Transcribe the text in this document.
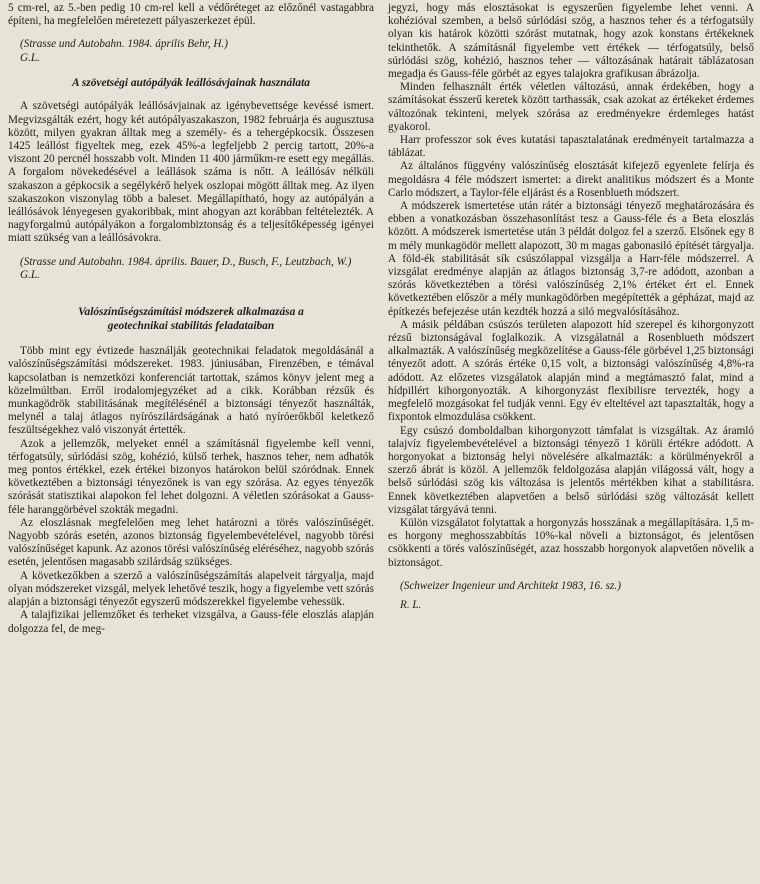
5 cm-rel, az 5.-ben pedig 10 cm-rel kell a védőréteget az előzőnél vastagabbra építeni, ha megfelelően méretezett pályaszerkezet épül.

(Strasse und Autobahn. 1984. április Behr, H.)

G.L.

A szövetségi autópályák leállósávjainak használata

A szövetségi autópályák leállósávjainak az igénybevettsége kevéssé ismert. Megvizsgálták ezért, hogy két autópályaszakaszon, 1982 februárja és augusztusa között, milyen gyakran álltak meg a személy- és a tehergépkocsik. Összesen 1425 leállóst figyeltek meg, ezek 45%-a legfeljebb 2 percig tartott, 20%-a viszont 20 percnél hosszabb volt. Minden 11 400 járműkm-re esett egy megállás. A forgalom növekedésével a leállások száma is nőtt. A leállósáv nélküli szakaszon a gépkocsik a segélykérő helyek oszlopai mögött álltak meg. Az ilyen szakaszokon viszonylag több a baleset. Megállapítható, hogy az autópályán a leállósávok lényegesen gyakoribbak, mint ahogyan azt korábban feltételezték. A nagyforgalmú autópályákon a forgalombiztonság és a teljesítőképesség igényei miatt szükség van a leállósávokra.

(Strasse und Autobahn. 1984. április. Bauer, D., Busch, F., Leutzbach, W.)

G.L.

Valószínűségszámítási módszerek alkalmazása a
geotechnikai stabilitás feladataiban

Több mint egy évtizede használják geotechnikai feladatok megoldásánál a valószínűségszámítási módszereket. 1983. júniusában, Firenzében, e témával kapcsolatban is nemzetközi konferenciát tartottak, számos könyv jelent meg a közelmúltban. Erről irodalomjegyzéket ad a cikk. Korábban rézsűk és munkagödrök stabilitásának megítélésénél a biztonsági tényezőt használták, melynél a talaj átlagos nyírószilárdságának a ható nyíróerőkből keletkező feszültségekhez való viszonyát értették.

Azok a jellemzők, melyeket ennél a számításnál figyelembe kell venni, térfogatsúly, súrlódási szög, kohézió, külső terhek, hasznos teher, nem adhatók meg pontos értékkel, ezek értékei bizonyos határokon belül szóródnak. Ennek következtében a biztonsági tényezőnek is van egy szórása. Az egyes tényezők szórását statisztikai alapokon fel lehet dolgozni. A véletlen szórásokat a Gauss-féle haranggörbével szokták megadni.

Az eloszlásnak megfelelően meg lehet határozni a törés valószínűségét. Nagyobb szórás esetén, azonos biztonság figyelembevételével, nagyobb törési valószínűséget kapunk. Az azonos törési valószínűség eléréséhez, nagyobb szórás esetén, jelentősen magasabb szilárdság szükséges.

A következőkben a szerző a valószínűségszámítás alapelveit tárgyalja, majd olyan módszereket vizsgál, melyek lehetővé teszik, hogy a figyelembe vett szórás alapján a biztonsági tényezőt egyszerű módszerekkel figyelembe vehessük.

A talajfizikai jellemzőket és terheket vizsgálva, a Gauss-féle eloszlás alapján dolgozza fel, de meg-

jegyzi, hogy más elosztásokat is egyszerűen figyelembe lehet venni. A kohézióval szemben, a belső súrlódási szög, a hasznos teher és a térfogatsúly olyan kis határok közötti szórást mutatnak, hogy azok konstans értékeknek tekinthetők. A számításnál figyelembe vett értékek — térfogatsúly, belső súrlódási szög, kohézió, hasznos teher — változásának határait táblázatosan megadja és Gauss-féle görbét az egyes talajokra grafikusan ábrázolja.

Minden felhasznált érték véletlen változású, annak érdekében, hogy a számításokat ésszerű keretek között tarthassák, csak azokat az értékeket érdemes változónak tekinteni, melyek szórása az eredményekre érdemleges hatást gyakorol.

Harr professzor sok éves kutatási tapasztalatának eredményeit tartalmazza a táblázat.

Az általános függvény valószínűség elosztását kifejező egyenlete felírja és megoldásra 4 féle módszert ismertet: a direkt analitikus módszert és a Monte Carlo módszert, a Taylor-féle eljárást és a Rosenblueth módszert.

A módszerek ismertetése után rátér a biztonsági tényező meghatározására és ebben a vonatkozásban összehasonlítást tesz a Gauss-féle és a Beta eloszlás között. A módszerek ismertetése után 3 példát dolgoz fel a szerző. Elsőnek egy 8 m mély munkagödör mellett alapozott, 30 m magas gabonasiló építését tárgyalja. A föld-ék stabilitását sík csúszólappal vizsgálja a Harr-féle módszerrel. A vizsgálat eredménye alapján az átlagos biztonság 3,7-re adódott, azonban a szórás következtében a törési valószínűség 2,1% értéket ért el. Ennek következtében először a mély munkagödörben megépítették a gépházat, majd az építkezés befejezése után kezdték hozzá a siló megvalósításához.

A másik példában csúszós területen alapozott híd szerepel és kihorgonyzott rézsű biztonságával foglalkozik. A vizsgálatnál a Rosenblueth módszert alkalmazták. A valószínűség megközelítése a Gauss-féle görbével 1,25 biztonsági tényezőt adott. A szórás értéke 0,15 volt, a biztonsági valószínűség 4,8%-ra adódott. Az előzetes vizsgálatok alapján mind a megtámasztó falat, mind a hídpillért kihorgonyozták. A kihorgonyzást flexibilisre tervezték, hogy a megfelelő mozgásokat fel tudják venni. Egy év elteltével azt tapasztalták, hogy a fixpontok elmozdulása csökkent.

Egy csúszó domboldalban kihorgonyzott támfalat is vizsgáltak. Az áramló talajvíz figyelembevételével a biztonsági tényező 1 körüli értékre adódott. A horgonyokat a biztonság helyi növelésére alkalmazták: a körülményekről a szerző ábrát is közöl. A jellemzők feldolgozása alapján világossá vált, hogy a belső súrlódási szög kis változása is jelentős mértékben kihat a stabilitásra. Ennek következtében alapvetően a belső súrlódási szög változását kellett vizsgálat tárgyává tenni.

Külön vizsgálatot folytattak a horgonyzás hosszának a megállapítására. 1,5 m-es horgony meghosszabbítás 10%-kal növeli a biztonságot, és jelentősen csökkenti a törés valószínűségét, azaz hosszabb horgonyok alapvetően növelik a biztonságot.

(Schweizer Ingenieur und Architekt 1983, 16. sz.)

R. L.
